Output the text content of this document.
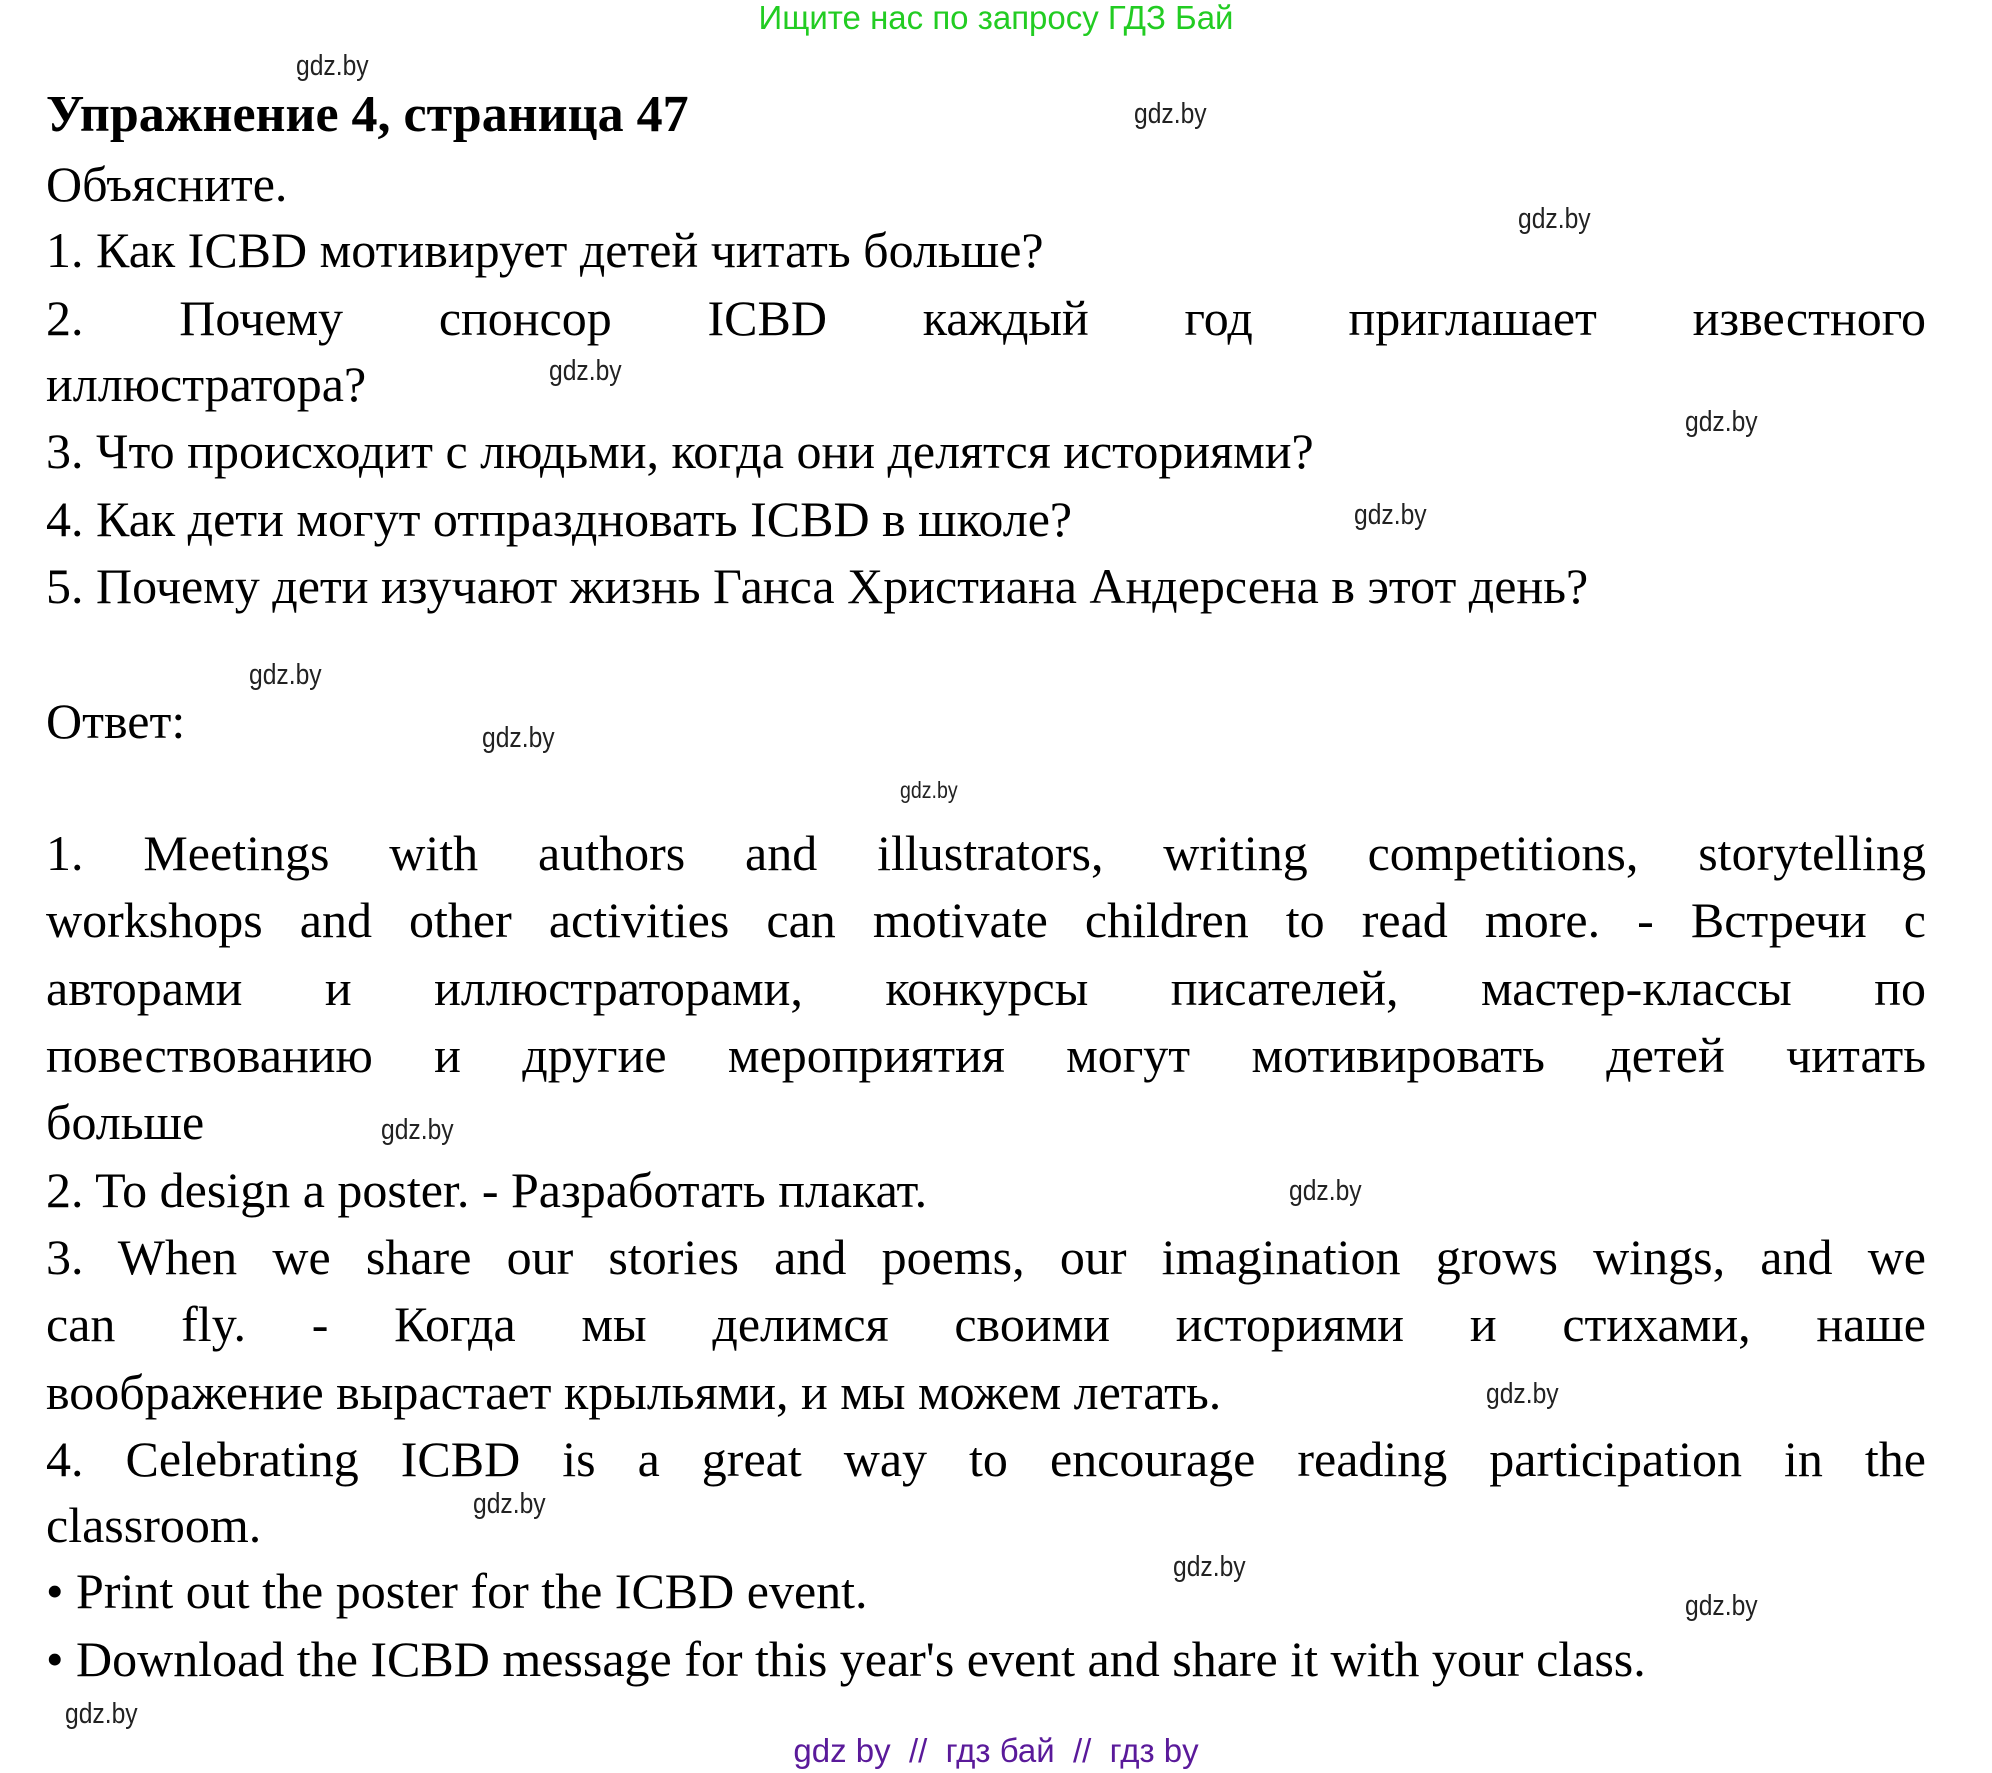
Ищите нас по запросу ГДЗ Бай
Упражнение 4, страница 47
Объясните.
1. Как ICBD мотивирует детей читать больше?
2. Почему спонсор ICBD каждый год приглашает известного
иллюстратора?
3. Что происходит с людьми, когда они делятся историями?
4. Как дети могут отпраздновать ICBD в школе?
5. Почему дети изучают жизнь Ганса Христиана Андерсена в этот день?
Ответ:
1. Meetings with authors and illustrators, writing competitions, storytelling
workshops and other activities can motivate children to read more. - Встречи с
авторами и иллюстраторами, конкурсы писателей, мастер-классы по
повествованию и другие мероприятия могут мотивировать детей читать
больше
2. To design a poster. - Разработать плакат.
3. When we share our stories and poems, our imagination grows wings, and we
can fly. - Когда мы делимся своими историями и стихами, наше
воображение вырастает крыльями, и мы можем летать.
4. Celebrating ICBD is a great way to encourage reading participation in the
classroom.
• Print out the poster for the ICBD event.
• Download the ICBD message for this year's event and share it with your class.
gdz.by
gdz.by
gdz.by
gdz.by
gdz.by
gdz.by
gdz.by
gdz.by
gdz.by
gdz.by
gdz.by
gdz.by
gdz.by
gdz.by
gdz.by
gdz.by
gdz by  //  гдз бай  //  гдз by
